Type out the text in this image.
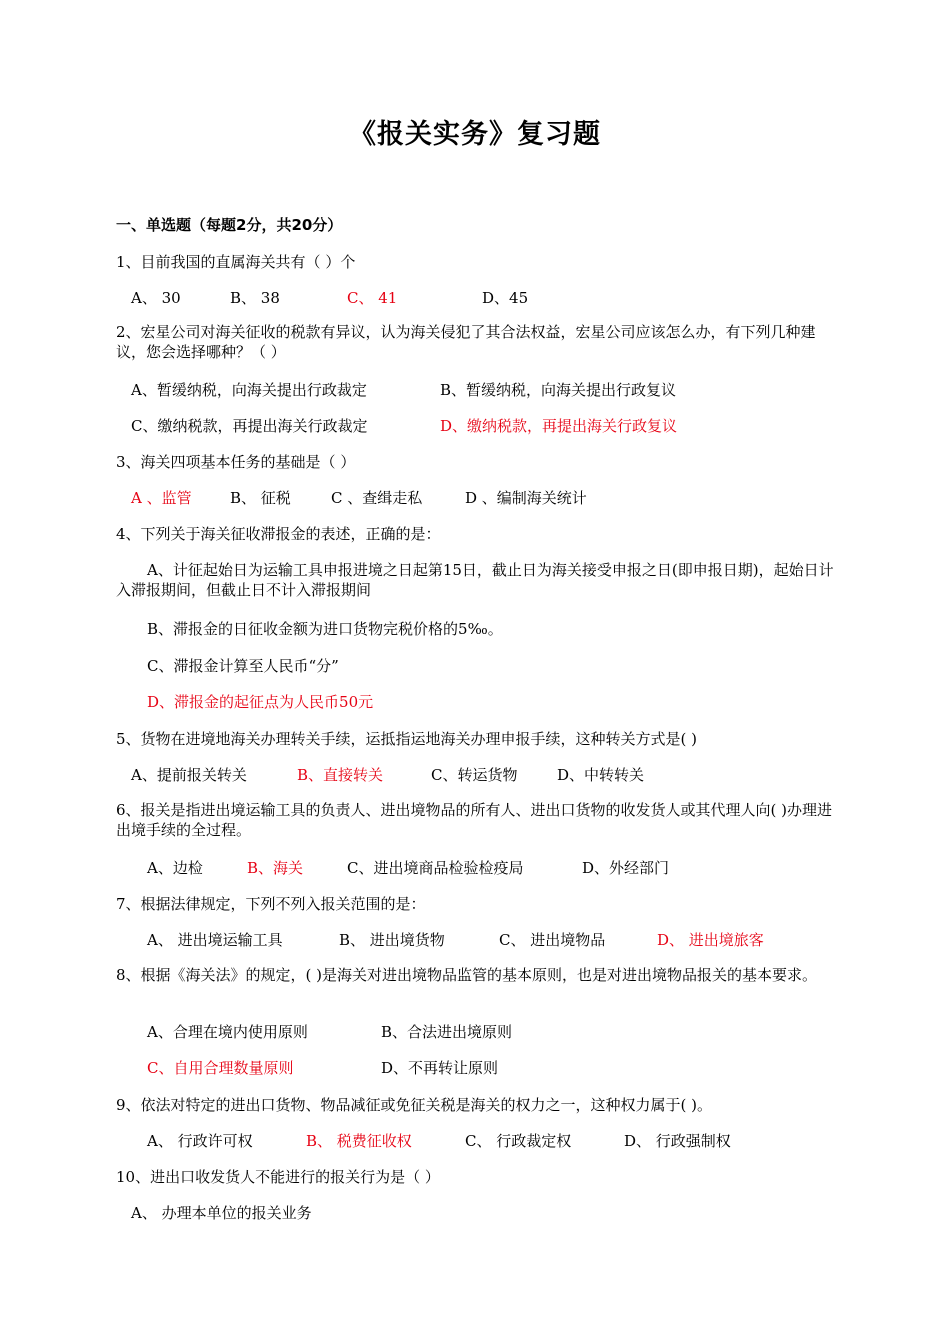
《报关实务》复习题
一、单选题（每题2分，共20分）
1、目前我国的直属海关共有（ ）个
A、 30	B、 38	C、 41	D、45
2、宏星公司对海关征收的税款有异议，认为海关侵犯了其合法权益，宏星公司应该怎么办，有下列几种建议，您会选择哪种？（ ）
A、暂缓纳税，向海关提出行政裁定	B、暂缓纳税，向海关提出行政复议
C、缴纳税款，再提出海关行政裁定	D、缴纳税款，再提出海关行政复议
3、海关四项基本任务的基础是（ ）
A 、监管	B、 征税	C 、查缉走私	D 、编制海关统计
4、下列关于海关征收滞报金的表述，正确的是：
A、计征起始日为运输工具申报进境之日起第15日，截止日为海关接受申报之日(即申报日期)，起始日计入滞报期间，但截止日不计入滞报期间
B、滞报金的日征收金额为进口货物完税价格的5‰。
C、滞报金计算至人民币“分”
D、滞报金的起征点为人民币50元
5、货物在进境地海关办理转关手续，运抵指运地海关办理申报手续，这种转关方式是( )
A、提前报关转关	B、直接转关	C、转运货物	D、中转转关
6、报关是指进出境运输工具的负责人、进出境物品的所有人、进出口货物的收发货人或其代理人向( )办理进出境手续的全过程。
A、边检	B、海关	C、进出境商品检验检疫局	D、外经部门
7、根据法律规定，下列不列入报关范围的是：
A、 进出境运输工具	B、 进出境货物	C、 进出境物品	D、 进出境旅客
8、根据《海关法》的规定，( )是海关对进出境物品监管的基本原则，也是对进出境物品报关的基本要求。
A、合理在境内使用原则	B、合法进出境原则
C、自用合理数量原则	D、不再转让原则
9、依法对特定的进出口货物、物品减征或免征关税是海关的权力之一，这种权力属于( )。
A、 行政许可权	B、 税费征收权	C、 行政裁定权	D、 行政强制权
10、进出口收发货人不能进行的报关行为是（ ）
A、 办理本单位的报关业务
